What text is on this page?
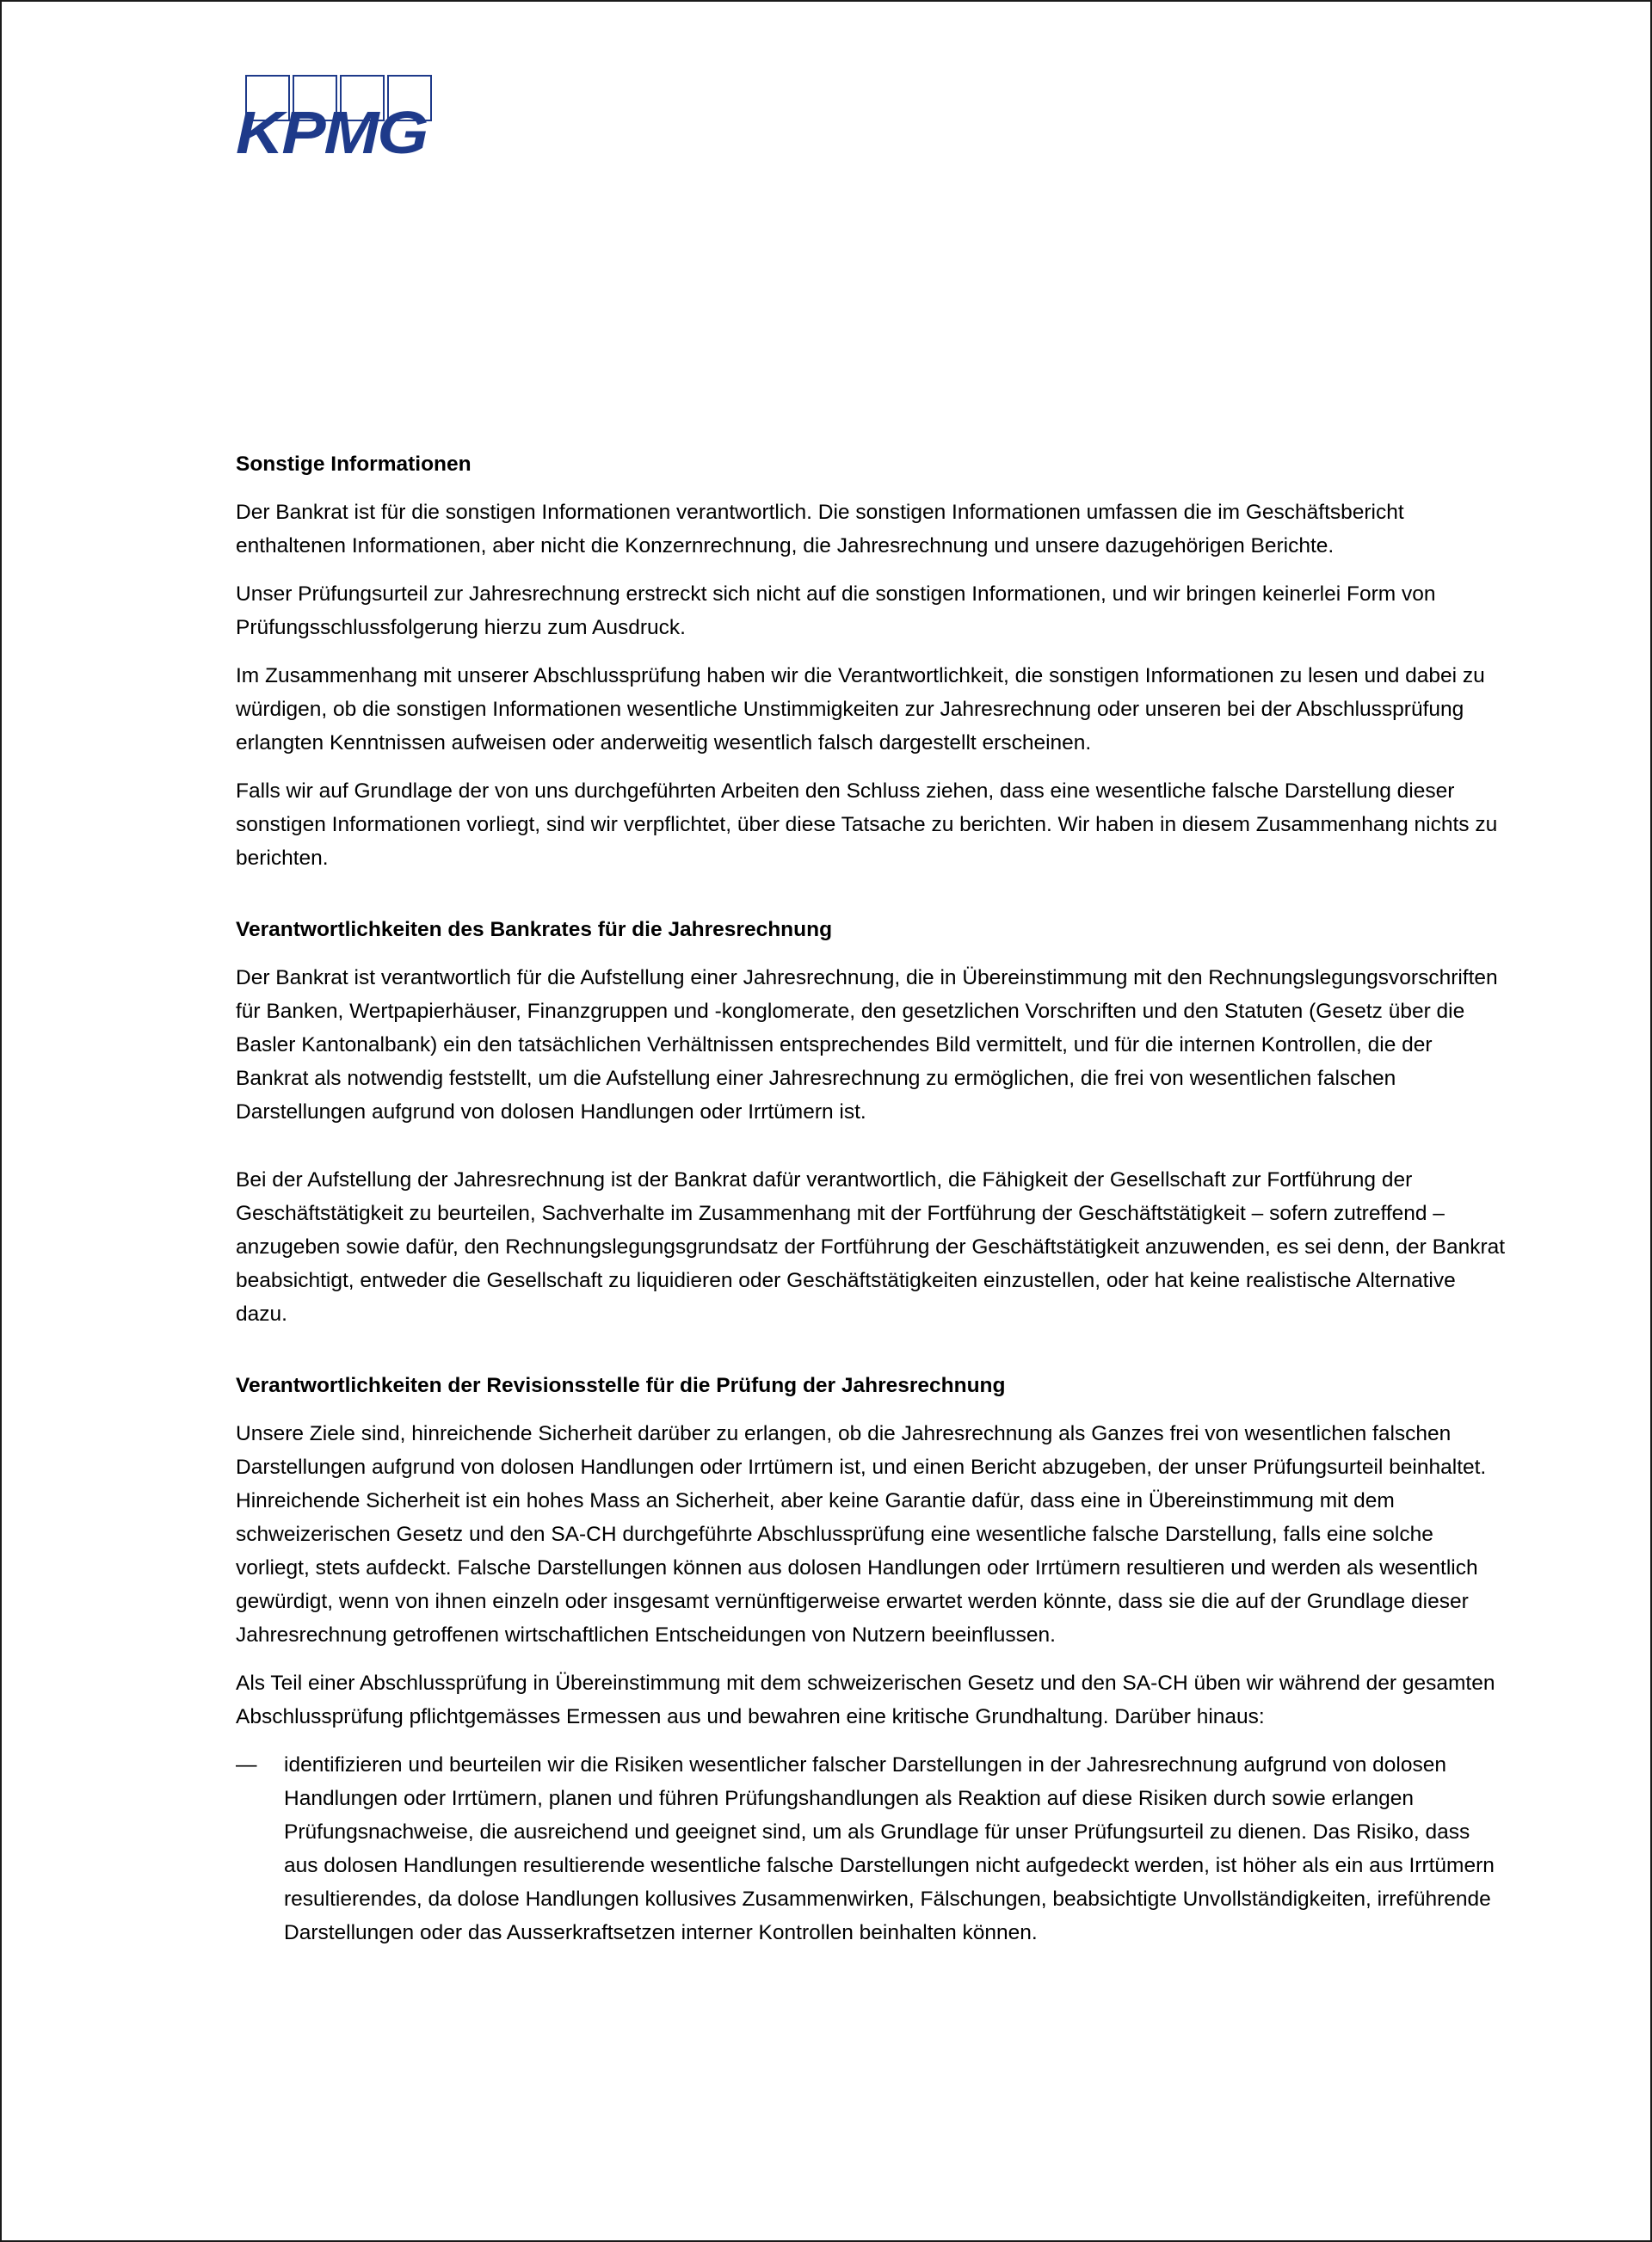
KPMG
Sonstige Informationen

Der Bankrat ist für die sonstigen Informationen verantwortlich. Die sonstigen Informationen umfassen die im Geschäftsbericht enthaltenen Informationen, aber nicht die Konzernrechnung, die Jahresrechnung und unsere dazugehörigen Berichte.

Unser Prüfungsurteil zur Jahresrechnung erstreckt sich nicht auf die sonstigen Informationen, und wir bringen keinerlei Form von Prüfungsschlussfolgerung hierzu zum Ausdruck.

Im Zusammenhang mit unserer Abschlussprüfung haben wir die Verantwortlichkeit, die sonstigen Informationen zu lesen und dabei zu würdigen, ob die sonstigen Informationen wesentliche Unstimmigkeiten zur Jahresrechnung oder unseren bei der Abschlussprüfung erlangten Kenntnissen aufweisen oder anderweitig wesentlich falsch dargestellt erscheinen.

Falls wir auf Grundlage der von uns durchgeführten Arbeiten den Schluss ziehen, dass eine wesentliche falsche Darstellung dieser sonstigen Informationen vorliegt, sind wir verpflichtet, über diese Tatsache zu berichten. Wir haben in diesem Zusammenhang nichts zu berichten.

Verantwortlichkeiten des Bankrates für die Jahresrechnung

Der Bankrat ist verantwortlich für die Aufstellung einer Jahresrechnung, die in Übereinstimmung mit den Rechnungslegungsvorschriften für Banken, Wertpapierhäuser, Finanzgruppen und -konglomerate, den gesetzlichen Vorschriften und den Statuten (Gesetz über die Basler Kantonalbank) ein den tatsächlichen Verhältnissen entsprechendes Bild vermittelt, und für die internen Kontrollen, die der Bankrat als notwendig feststellt, um die Aufstellung einer Jahresrechnung zu ermöglichen, die frei von wesentlichen falschen Darstellungen aufgrund von dolosen Handlungen oder Irrtümern ist.

Bei der Aufstellung der Jahresrechnung ist der Bankrat dafür verantwortlich, die Fähigkeit der Gesellschaft zur Fortführung der Geschäftstätigkeit zu beurteilen, Sachverhalte im Zusammenhang mit der Fortführung der Geschäftstätigkeit – sofern zutreffend – anzugeben sowie dafür, den Rechnungslegungsgrundsatz der Fortführung der Geschäftstätigkeit anzuwenden, es sei denn, der Bankrat beabsichtigt, entweder die Gesellschaft zu liquidieren oder Geschäftstätigkeiten einzustellen, oder hat keine realistische Alternative dazu.

Verantwortlichkeiten der Revisionsstelle für die Prüfung der Jahresrechnung

Unsere Ziele sind, hinreichende Sicherheit darüber zu erlangen, ob die Jahresrechnung als Ganzes frei von wesentlichen falschen Darstellungen aufgrund von dolosen Handlungen oder Irrtümern ist, und einen Bericht abzugeben, der unser Prüfungsurteil beinhaltet. Hinreichende Sicherheit ist ein hohes Mass an Sicherheit, aber keine Garantie dafür, dass eine in Übereinstimmung mit dem schweizerischen Gesetz und den SA-CH durchgeführte Abschlussprüfung eine wesentliche falsche Darstellung, falls eine solche vorliegt, stets aufdeckt. Falsche Darstellungen können aus dolosen Handlungen oder Irrtümern resultieren und werden als wesentlich gewürdigt, wenn von ihnen einzeln oder insgesamt vernünftigerweise erwartet werden könnte, dass sie die auf der Grundlage dieser Jahresrechnung getroffenen wirtschaftlichen Entscheidungen von Nutzern beeinflussen.

Als Teil einer Abschlussprüfung in Übereinstimmung mit dem schweizerischen Gesetz und den SA-CH üben wir während der gesamten Abschlussprüfung pflichtgemässes Ermessen aus und bewahren eine kritische Grundhaltung. Darüber hinaus:

— identifizieren und beurteilen wir die Risiken wesentlicher falscher Darstellungen in der Jahresrechnung aufgrund von dolosen Handlungen oder Irrtümern, planen und führen Prüfungshandlungen als Reaktion auf diese Risiken durch sowie erlangen Prüfungsnachweise, die ausreichend und geeignet sind, um als Grundlage für unser Prüfungsurteil zu dienen. Das Risiko, dass aus dolosen Handlungen resultierende wesentliche falsche Darstellungen nicht aufgedeckt werden, ist höher als ein aus Irrtümern resultierendes, da dolose Handlungen kollusives Zusammenwirken, Fälschungen, beabsichtigte Unvollständigkeiten, irreführende Darstellungen oder das Ausserkraftsetzen interner Kontrollen beinhalten können.
